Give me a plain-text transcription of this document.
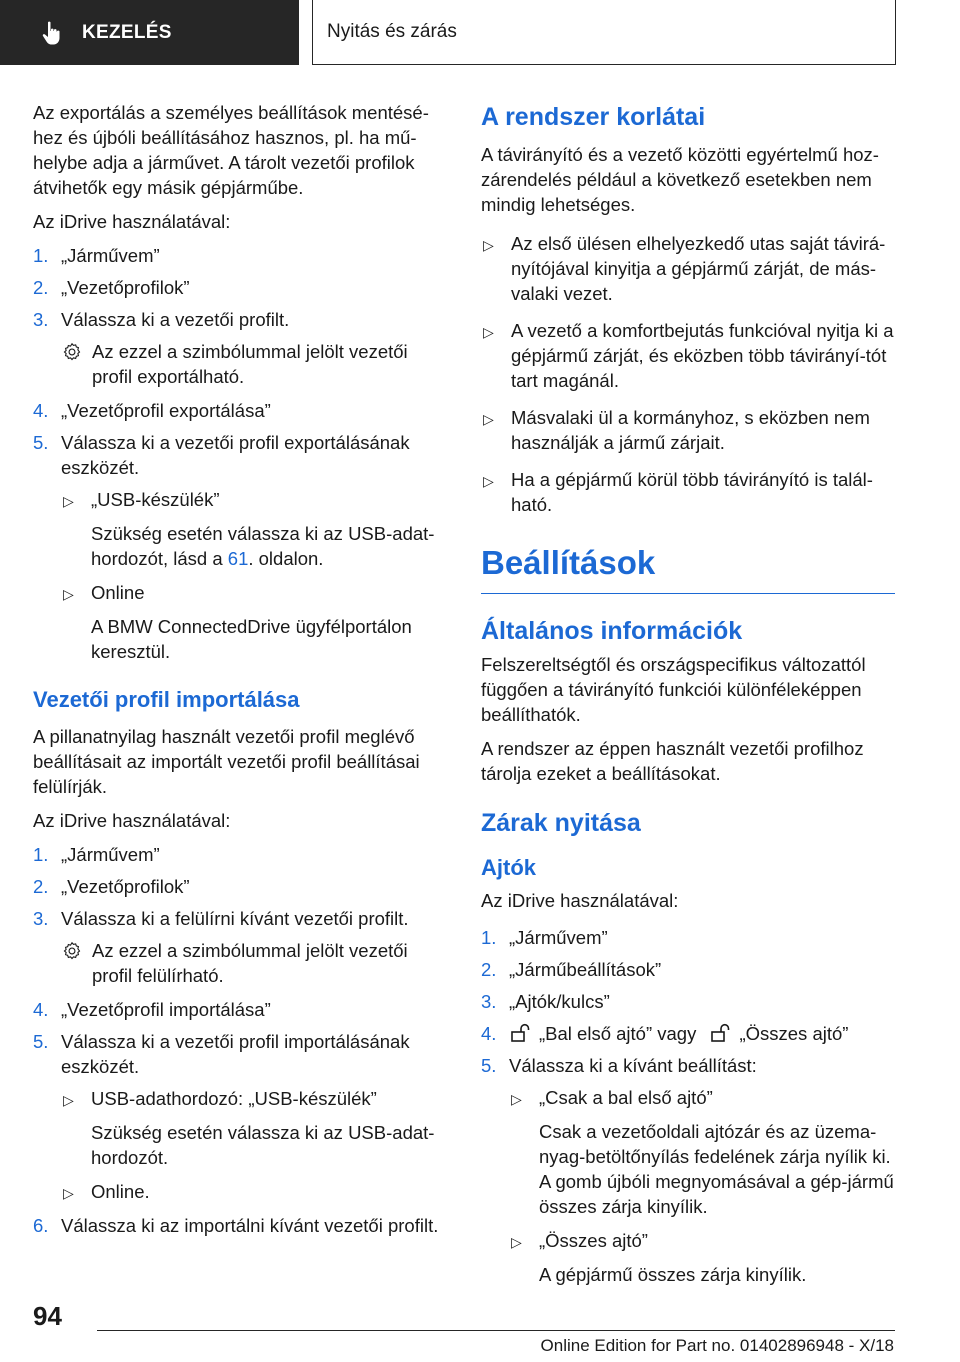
KEZELÉS	Nyitás és zárás
Az exportálás a személyes beállítások mentésé-hez és újbóli beállításához hasznos, pl. ha mű-helybe adja a járművet. A tárolt vezetői profilok átvihetők egy másik gépjárműbe.
Az iDrive használatával:
1. „Járművem”
2. „Vezetőprofilok”
3. Válassza ki a vezetői profilt.
Az ezzel a szimbólummal jelölt vezetői profil exportálható.
4. „Vezetőprofil exportálása”
5. Válassza ki a vezetői profil exportálásának eszközét.
▷ „USB-készülék”
Szükség esetén válassza ki az USB-adat-hordozót, lásd a 61. oldalon.
▷ Online
A BMW ConnectedDrive ügyfélportálon keresztül.
Vezetői profil importálása
A pillanatnyilag használt vezetői profil meglévő beállításait az importált vezetői profil beállításai felülírják.
Az iDrive használatával:
1. „Járművem”
2. „Vezetőprofilok”
3. Válassza ki a felülírni kívánt vezetői profilt.
Az ezzel a szimbólummal jelölt vezetői profil felülírható.
4. „Vezetőprofil importálása”
5. Válassza ki a vezetői profil importálásának eszközét.
▷ USB-adathordozó: „USB-készülék”
Szükség esetén válassza ki az USB-adat-hordozót.
▷ Online.
6. Válassza ki az importálni kívánt vezetői profilt.
A rendszer korlátai
A távirányító és a vezető közötti egyértelmű hoz-zárendelés például a következő esetekben nem mindig lehetséges.
▷ Az első ülésen elhelyezkedő utas saját távirá-nyítójával kinyitja a gépjármű zárját, de más-valaki vezet.
▷ A vezető a komfortbejutás funkcióval nyitja ki a gépjármű zárját, és eközben több távirányí-tót tart magánál.
▷ Másvalaki ül a kormányhoz, s eközben nem használják a jármű zárjait.
▷ Ha a gépjármű körül több távirányító is talál-ható.
Beállítások
Általános információk
Felszereltségtől és országspecifikus változattól függően a távirányító funkciói különféleképpen beállíthatók.
A rendszer az éppen használt vezetői profilhoz tárolja ezeket a beállításokat.
Zárak nyitása
Ajtók
Az iDrive használatával:
1. „Járművem”
2. „Járműbeállítások”
3. „Ajtók/kulcs”
4.	„Bal első ajtó” vagy „Összes ajtó”
5. Válassza ki a kívánt beállítást:
▷ „Csak a bal első ajtó”
Csak a vezetőoldali ajtózár és az üzema-nyag-betöltőnyílás fedelének zárja nyílik ki. A gomb újbóli megnyomásával a gép-jármű összes zárja kinyílik.
▷ „Összes ajtó”
A gépjármű összes zárja kinyílik.
94
Online Edition for Part no. 01402896948 - X/18
